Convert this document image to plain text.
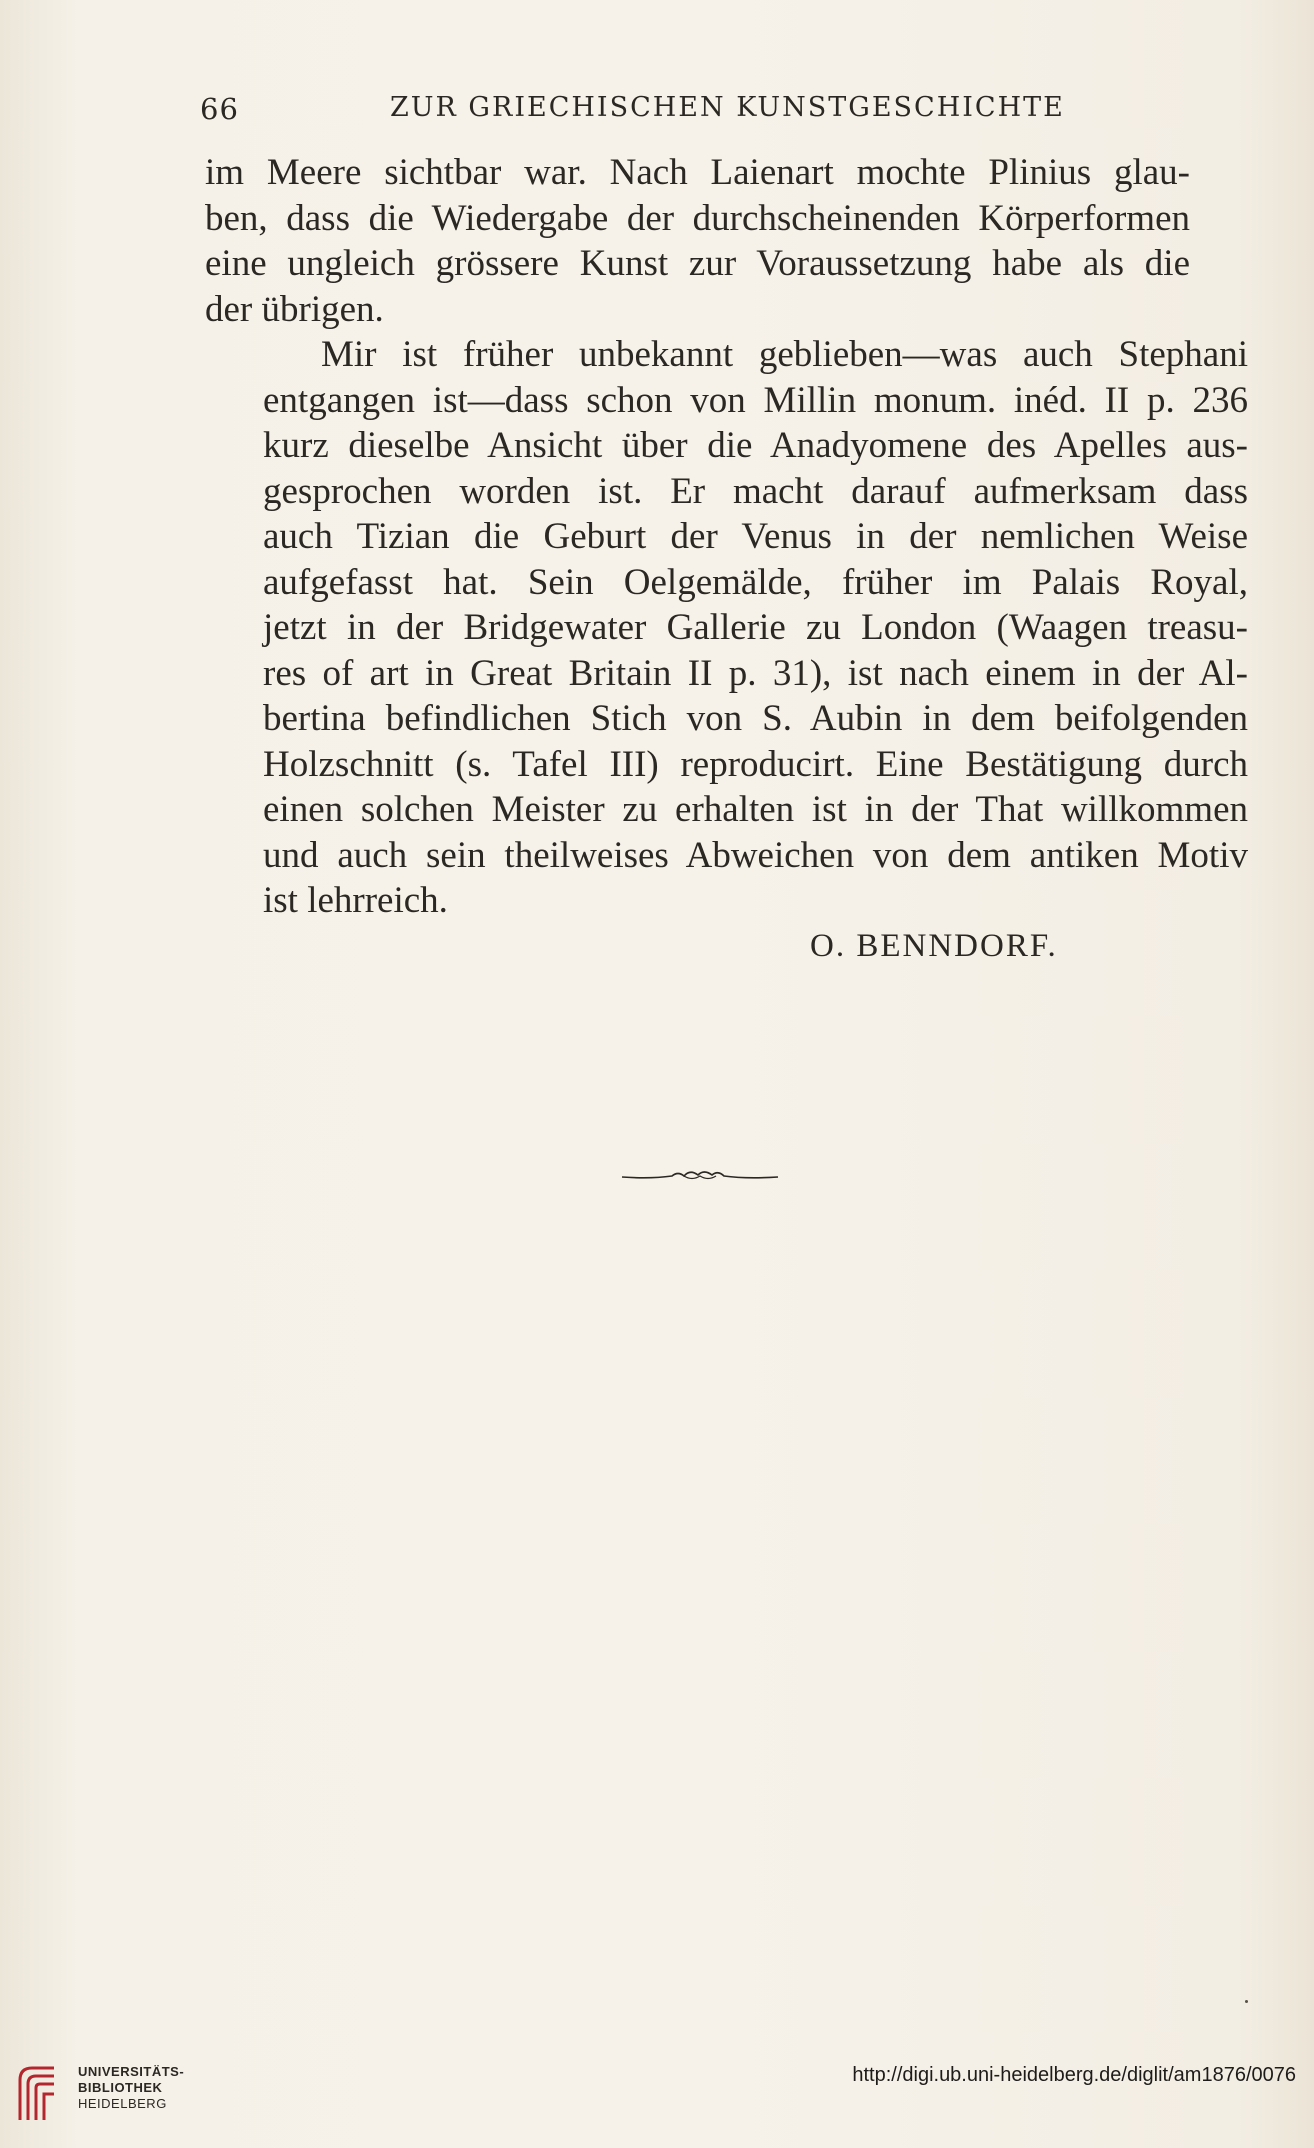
66	ZUR GRIECHISCHEN KUNSTGESCHICHTE

im Meere sichtbar war. Nach Laienart mochte Plinius glau-
ben, dass die Wiedergabe der durchscheinenden Körperformen
eine ungleich grössere Kunst zur Voraussetzung habe als die
der übrigen.

Mir ist früher unbekannt geblieben—was auch Stephani
entgangen ist—dass schon von Millin monum. inéd. II p. 236
kurz dieselbe Ansicht über die Anadyomene des Apelles aus-
gesprochen worden ist. Er macht darauf aufmerksam dass
auch Tizian die Geburt der Venus in der nemlichen Weise
aufgefasst hat. Sein Oelgemälde, früher im Palais Royal,
jetzt in der Bridgewater Gallerie zu London (Waagen treasu-
res of art in Great Britain II p. 31), ist nach einem in der Al-
bertina befindlichen Stich von S. Aubin in dem beifolgenden
Holzschnitt (s. Tafel III) reproducirt. Eine Bestätigung durch
einen solchen Meister zu erhalten ist in der That willkommen
und auch sein theilweises Abweichen von dem antiken Motiv
ist lehrreich.

O. BENNDORF.
UNIVERSITÄTS-
BIBLIOTHEK
HEIDELBERG
http://digi.ub.uni-heidelberg.de/diglit/am1876/0076
